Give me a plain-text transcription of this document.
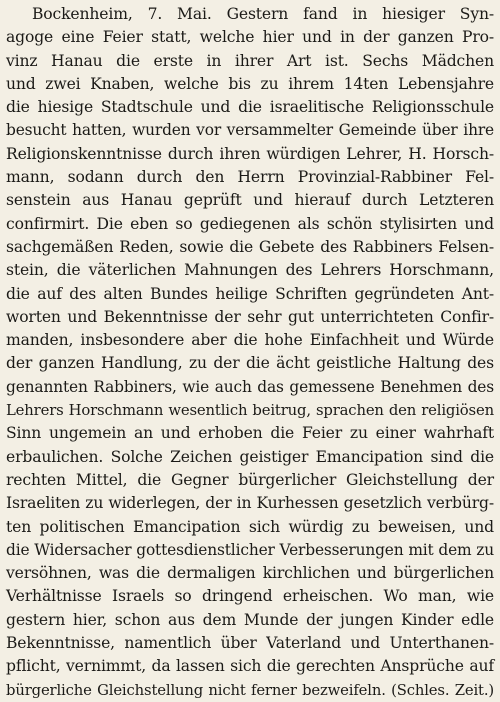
Bockenheim, 7. Mai. Gestern fand in hiesiger Syn-
agoge eine Feier statt, welche hier und in der ganzen Pro-
vinz Hanau die erste in ihrer Art ist. Sechs Mädchen
und zwei Knaben, welche bis zu ihrem 14ten Lebensjahre
die hiesige Stadtschule und die israelitische Religionsschule
besucht hatten, wurden vor versammelter Gemeinde über ihre
Religionskenntnisse durch ihren würdigen Lehrer, H. Horsch-
mann, sodann durch den Herrn Provinzial-Rabbiner Fel-
senstein aus Hanau geprüft und hierauf durch Letzteren
confirmirt. Die eben so gediegenen als schön stylisirten und
sachgemäßen Reden, sowie die Gebete des Rabbiners Felsen-
stein, die väterlichen Mahnungen des Lehrers Horschmann,
die auf des alten Bundes heilige Schriften gegründeten Ant-
worten und Bekenntnisse der sehr gut unterrichteten Confir-
manden, insbesondere aber die hohe Einfachheit und Würde
der ganzen Handlung, zu der die ächt geistliche Haltung des
genannten Rabbiners, wie auch das gemessene Benehmen des
Lehrers Horschmann wesentlich beitrug, sprachen den religiösen
Sinn ungemein an und erhoben die Feier zu einer wahrhaft
erbaulichen. Solche Zeichen geistiger Emancipation sind die
rechten Mittel, die Gegner bürgerlicher Gleichstellung der
Israeliten zu widerlegen, der in Kurhessen gesetzlich verbürg-
ten politischen Emancipation sich würdig zu beweisen, und
die Widersacher gottesdienstlicher Verbesserungen mit dem zu
versöhnen, was die dermaligen kirchlichen und bürgerlichen
Verhältnisse Israels so dringend erheischen. Wo man, wie
gestern hier, schon aus dem Munde der jungen Kinder edle
Bekenntnisse, namentlich über Vaterland und Unterthanen-
pflicht, vernimmt, da lassen sich die gerechten Ansprüche auf
bürgerliche Gleichstellung nicht ferner bezweifeln. (Schles. Zeit.)
